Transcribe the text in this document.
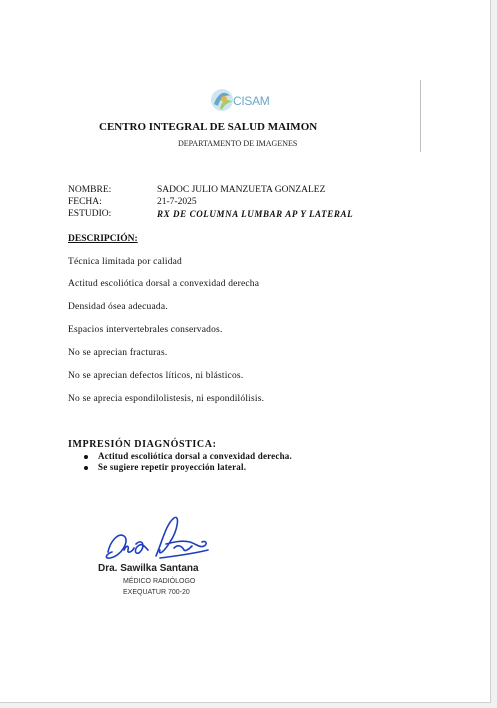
CISAM
CENTRO INTEGRAL DE SALUD MAIMON
DEPARTAMENTO DE IMAGENES
NOMBRE:	SADOC JULIO MANZUETA GONZALEZ
FECHA:	21-7-2025
ESTUDIO:	RX DE COLUMNA LUMBAR AP Y LATERAL
DESCRIPCIÓN:
Técnica limitada por calidad
Actitud escoliótica dorsal a convexidad derecha
Densidad ósea adecuada.
Espacios intervertebrales conservados.
No se aprecian fracturas.
No se aprecian defectos líticos, ni blásticos.
No se aprecia espondilolistesis, ni espondilólisis.
IMPRESIÓN DIAGNÓSTICA:
Actitud escoliótica dorsal a convexidad derecha.
Se sugiere repetir proyección lateral.
Dra. Sawilka Santana
MÉDICO RADIÓLOGO
EXEQUATUR 700-20
